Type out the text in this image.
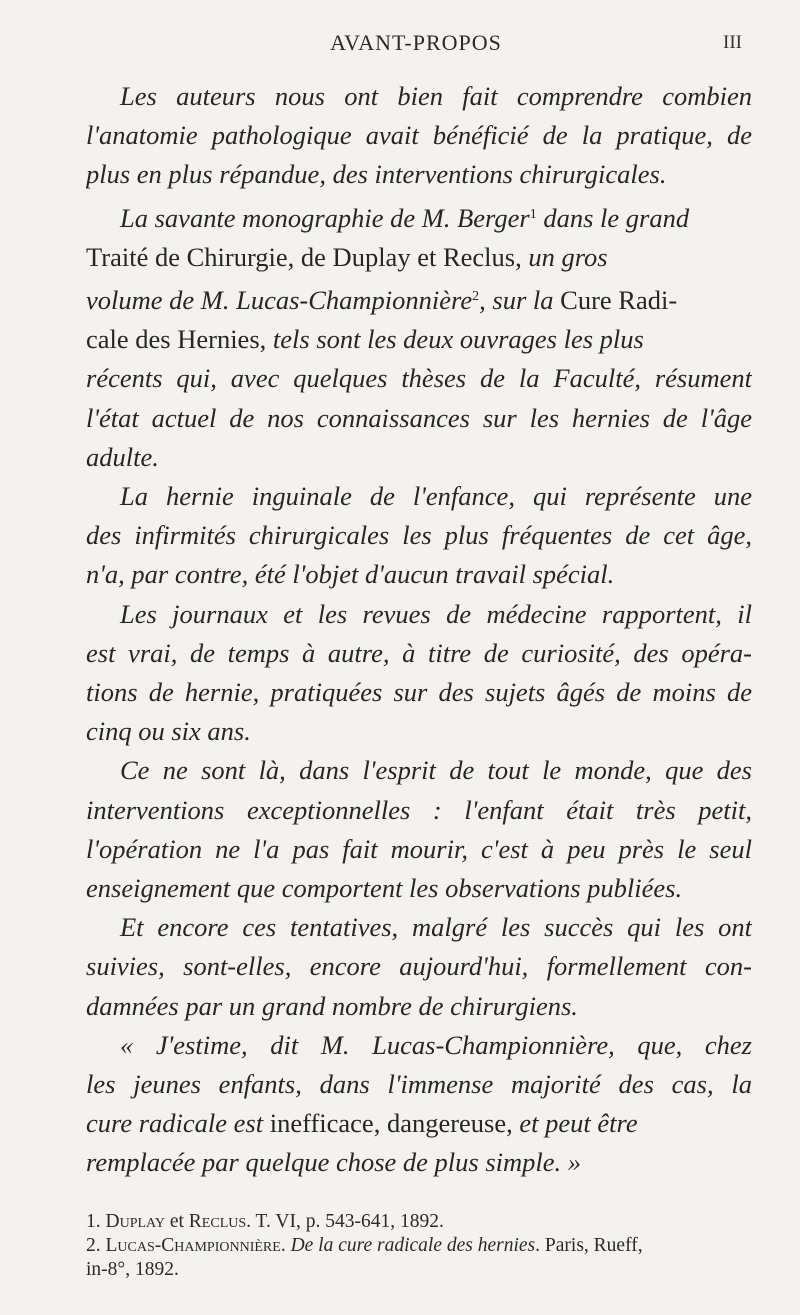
AVANT-PROPOS	III
Les auteurs nous ont bien fait comprendre combien
l'anatomie pathologique avait bénéficié de la pratique, de
plus en plus répandue, des interventions chirurgicales.
La savante monographie de M. Berger$^1$ dans le grand
Traité de Chirurgie, de Duplay et Reclus, un gros
volume de M. Lucas-Championnière$^2$, sur la Cure Radi-
cale des Hernies, tels sont les deux ouvrages les plus
récents qui, avec quelques thèses de la Faculté, résument
l'état actuel de nos connaissances sur les hernies de l'âge
adulte.
La hernie inguinale de l'enfance, qui représente une
des infirmités chirurgicales les plus fréquentes de cet âge,
n'a, par contre, été l'objet d'aucun travail spécial.
Les journaux et les revues de médecine rapportent, il
est vrai, de temps à autre, à titre de curiosité, des opéra-
tions de hernie, pratiquées sur des sujets âgés de moins de
cinq ou six ans.
Ce ne sont là, dans l'esprit de tout le monde, que des
interventions exceptionnelles : l'enfant était très petit,
l'opération ne l'a pas fait mourir, c'est à peu près le seul
enseignement que comportent les observations publiées.
Et encore ces tentatives, malgré les succès qui les ont
suivies, sont-elles, encore aujourd'hui, formellement con-
damnées par un grand nombre de chirurgiens.
« J'estime, dit M. Lucas-Championnière, que, chez
les jeunes enfants, dans l'immense majorité des cas, la
cure radicale est inefficace, dangereuse, et peut être
remplacée par quelque chose de plus simple. »
1. Duplay et Reclus. T. VI, p. 543-641, 1892.
2. Lucas-Championnière. De la cure radicale des hernies. Paris, Rueff,
in-8°, 1892.
